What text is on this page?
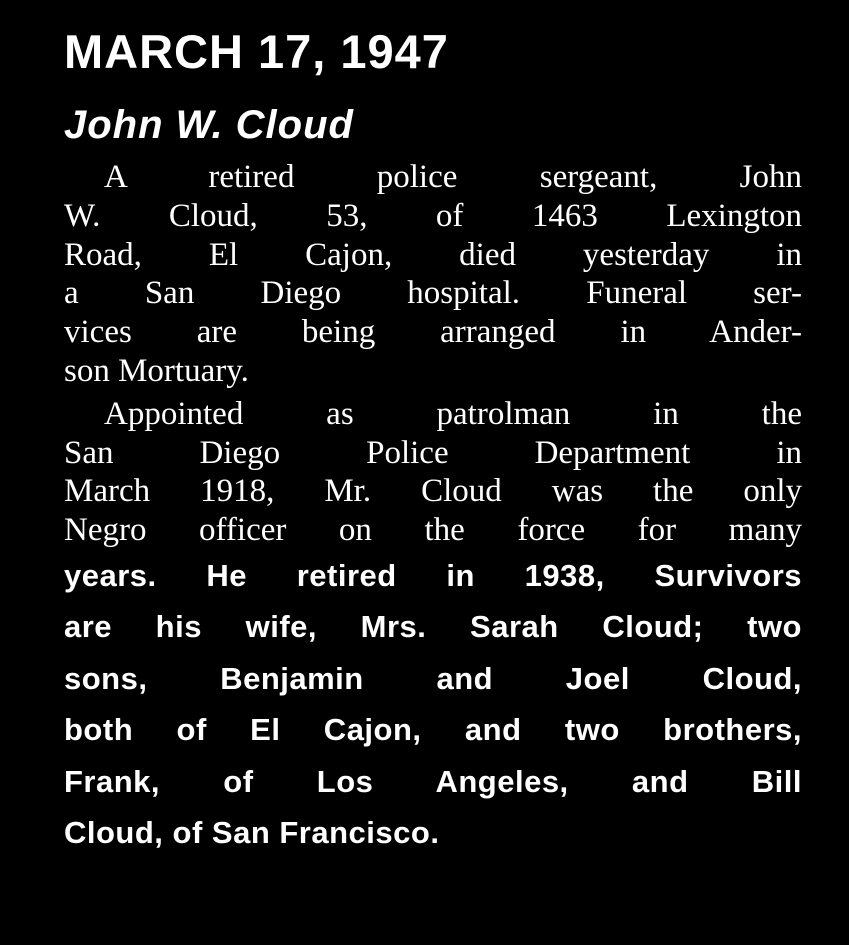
MARCH 17, 1947
John W. Cloud
A retired police sergeant, John
W. Cloud, 53, of 1463 Lexington
Road, El Cajon, died yesterday in
a San Diego hospital. Funeral ser-
vices are being arranged in Ander-
son Mortuary.
Appointed as patrolman in the
San Diego Police Department in
March 1918, Mr. Cloud was the only
Negro officer on the force for many
years. He retired in 1938, Survivors
are his wife, Mrs. Sarah Cloud; two
sons, Benjamin and Joel Cloud,
both of El Cajon, and two brothers,
Frank, of Los Angeles, and Bill
Cloud, of San Francisco.
